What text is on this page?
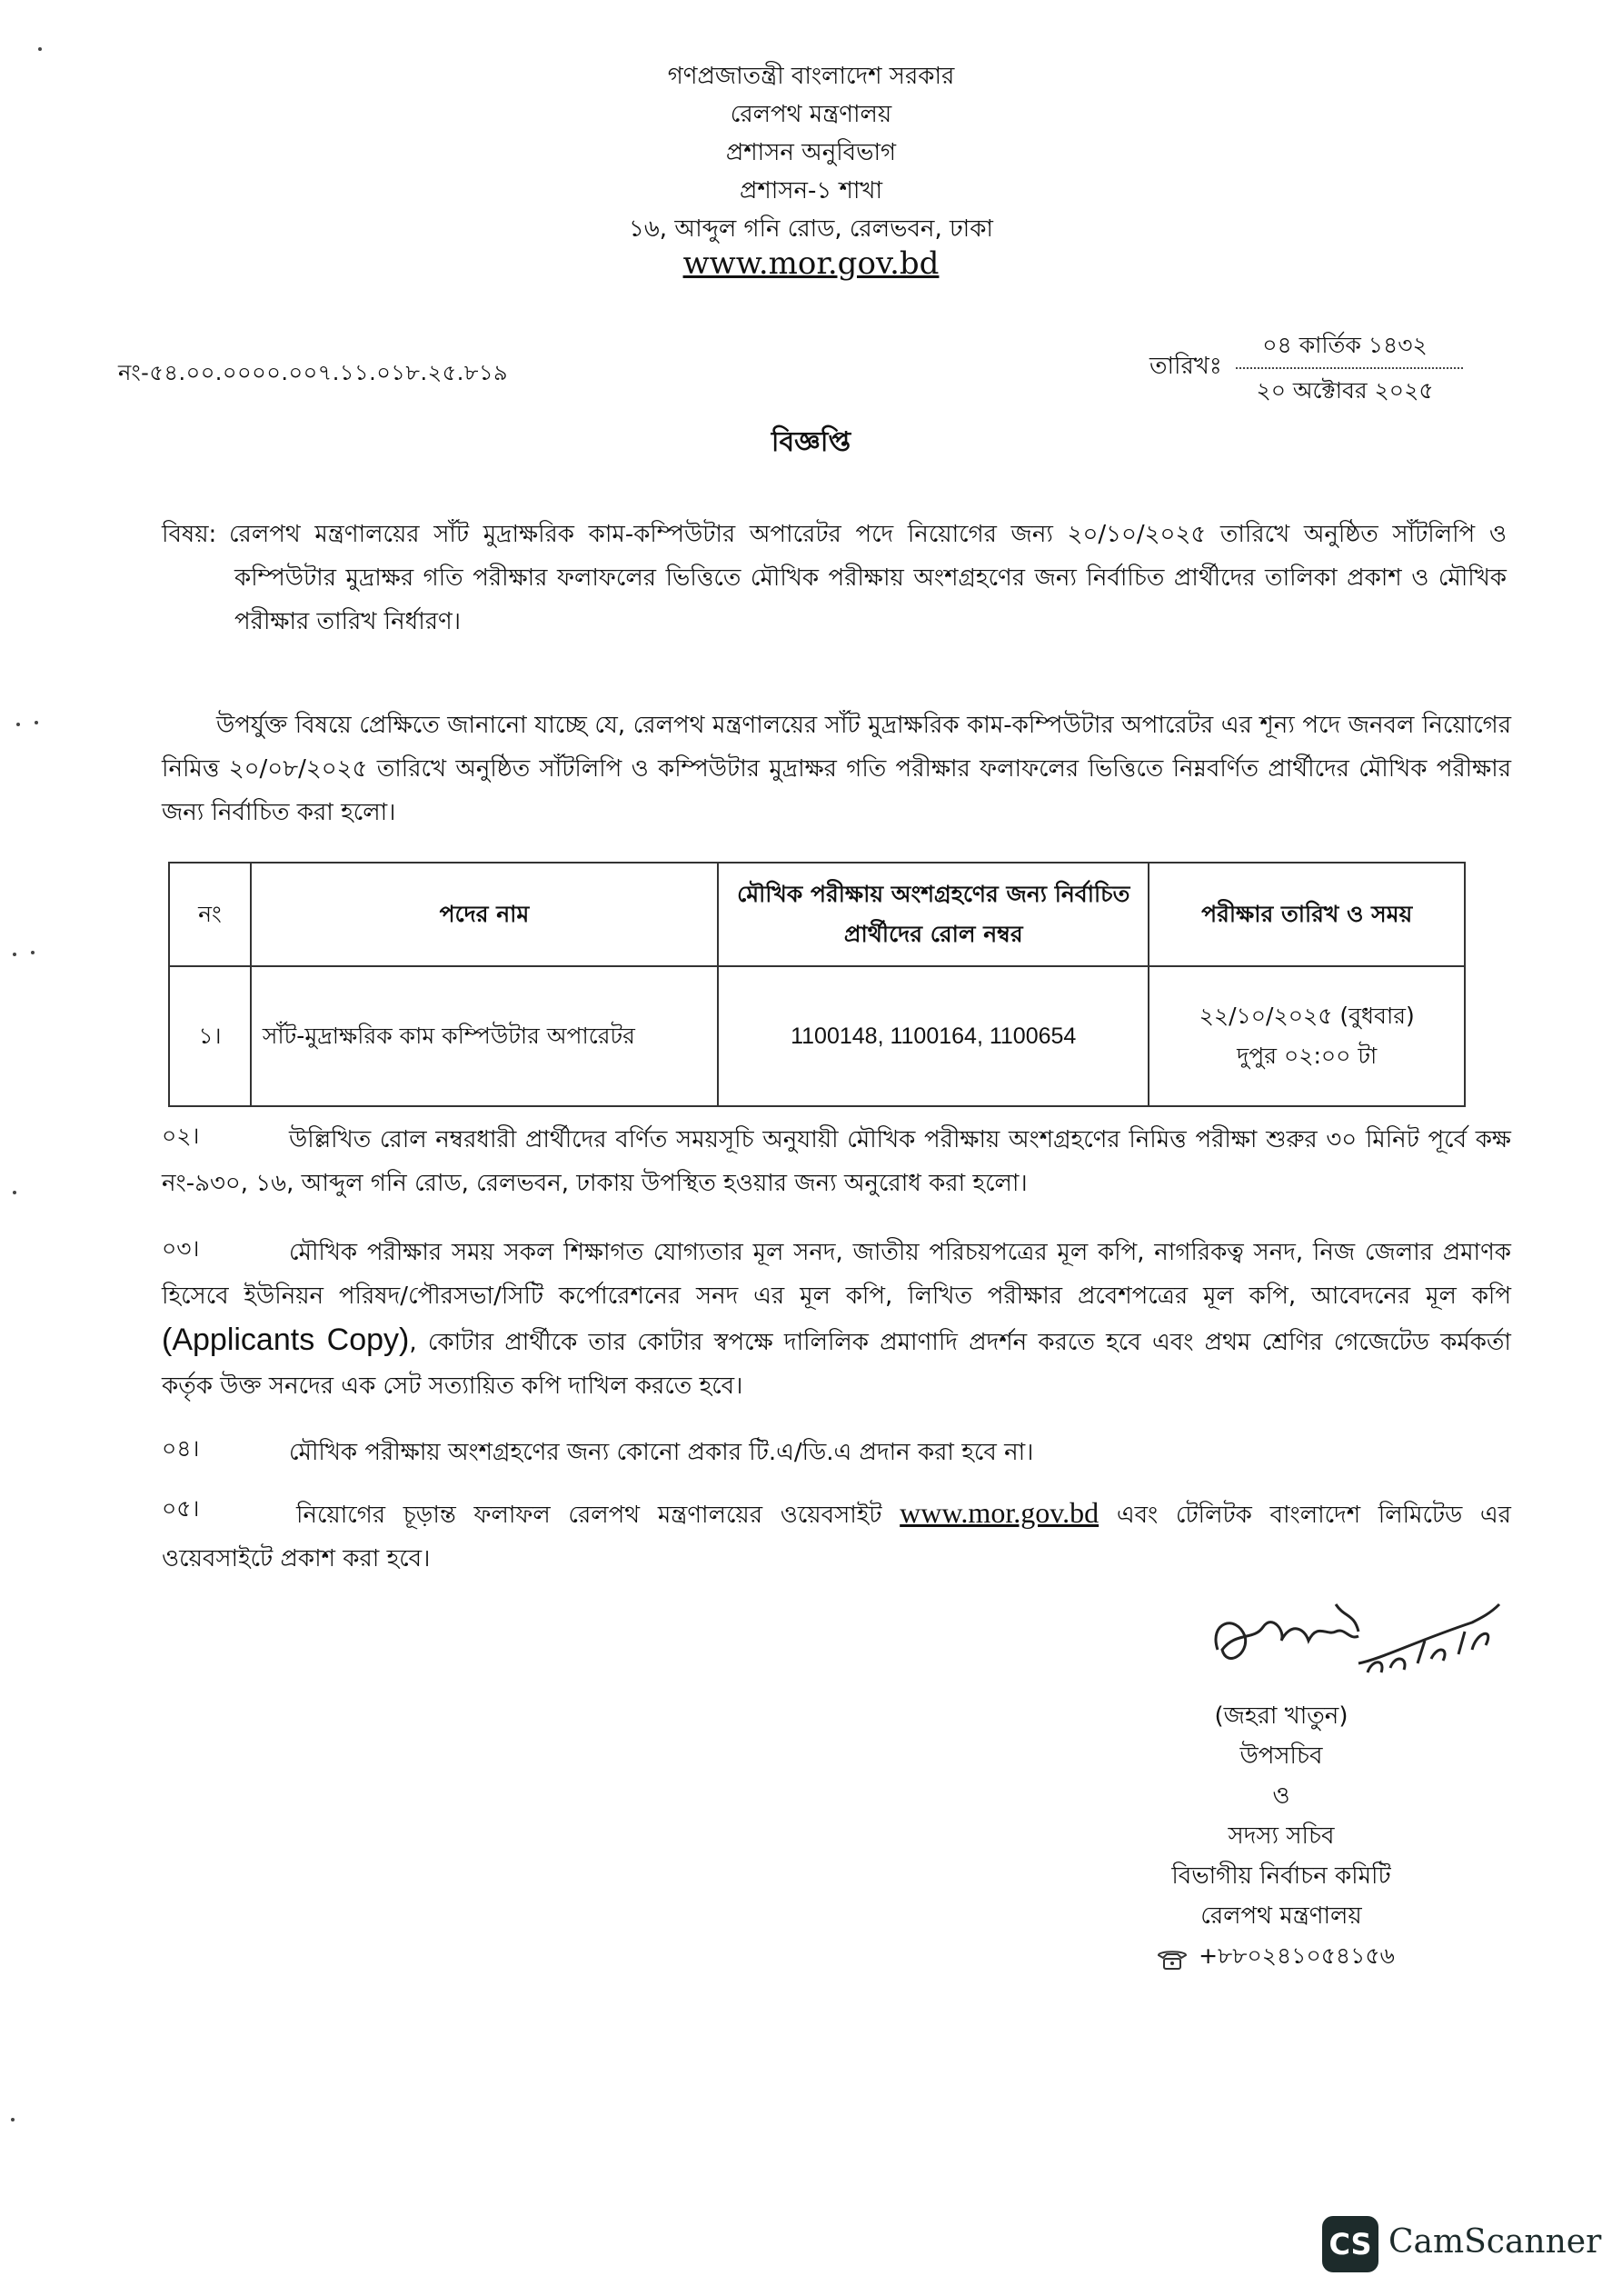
গণপ্রজাতন্ত্রী বাংলাদেশ সরকার
রেলপথ মন্ত্রণালয়
প্রশাসন অনুবিভাগ
প্রশাসন-১ শাখা
১৬, আব্দুল গনি রোড, রেলভবন, ঢাকা
www.mor.gov.bd
নং-৫৪.০০.০০০০.০০৭.১১.০১৮.২৫.৮১৯	তারিখঃ
০৪ কার্তিক ১৪৩২
২০ অক্টোবর ২০২৫
বিজ্ঞপ্তি
বিষয়: রেলপথ মন্ত্রণালয়ের সাঁট মুদ্রাক্ষরিক কাম-কম্পিউটার অপারেটর পদে নিয়োগের জন্য ২০/১০/২০২৫ তারিখে অনুষ্ঠিত সাঁটলিপি ও কম্পিউটার মুদ্রাক্ষর গতি পরীক্ষার ফলাফলের ভিত্তিতে মৌখিক পরীক্ষায় অংশগ্রহণের জন্য নির্বাচিত প্রার্থীদের তালিকা প্রকাশ ও মৌখিক পরীক্ষার তারিখ নির্ধারণ।
উপর্যুক্ত বিষয়ে প্রেক্ষিতে জানানো যাচ্ছে যে, রেলপথ মন্ত্রণালয়ের সাঁট মুদ্রাক্ষরিক কাম-কম্পিউটার অপারেটর এর শূন্য পদে জনবল নিয়োগের নিমিত্ত ২০/০৮/২০২৫ তারিখে অনুষ্ঠিত সাঁটলিপি ও কম্পিউটার মুদ্রাক্ষর গতি পরীক্ষার ফলাফলের ভিত্তিতে নিম্নবর্ণিত প্রার্থীদের মৌখিক পরীক্ষার জন্য নির্বাচিত করা হলো।
নং	পদের নাম	মৌখিক পরীক্ষায় অংশগ্রহণের জন্য নির্বাচিত প্রার্থীদের রোল নম্বর	পরীক্ষার তারিখ ও সময়
১।	সাঁট-মুদ্রাক্ষরিক কাম কম্পিউটার অপারেটর	1100148, 1100164, 1100654	২২/১০/২০২৫ (বুধবার)
দুপুর ০২:০০ টা
০২।	উল্লিখিত রোল নম্বরধারী প্রার্থীদের বর্ণিত সময়সূচি অনুযায়ী মৌখিক পরীক্ষায় অংশগ্রহণের নিমিত্ত পরীক্ষা শুরুর ৩০ মিনিট পূর্বে কক্ষ নং-৯৩০, ১৬, আব্দুল গনি রোড, রেলভবন, ঢাকায় উপস্থিত হওয়ার জন্য অনুরোধ করা হলো।
০৩।	মৌখিক পরীক্ষার সময় সকল শিক্ষাগত যোগ্যতার মূল সনদ, জাতীয় পরিচয়পত্রের মূল কপি, নাগরিকত্ব সনদ, নিজ জেলার প্রমাণক হিসেবে ইউনিয়ন পরিষদ/পৌরসভা/সিটি কর্পোরেশনের সনদ এর মূল কপি, লিখিত পরীক্ষার প্রবেশপত্রের মূল কপি, আবেদনের মূল কপি (Applicants Copy), কোটার প্রার্থীকে তার কোটার স্বপক্ষে দালিলিক প্রমাণাদি প্রদর্শন করতে হবে এবং প্রথম শ্রেণির গেজেটেড কর্মকর্তা কর্তৃক উক্ত সনদের এক সেট সত্যায়িত কপি দাখিল করতে হবে।
০৪।	মৌখিক পরীক্ষায় অংশগ্রহণের জন্য কোনো প্রকার টি.এ/ডি.এ প্রদান করা হবে না।
০৫।	নিয়োগের চূড়ান্ত ফলাফল রেলপথ মন্ত্রণালয়ের ওয়েবসাইট www.mor.gov.bd এবং টেলিটক বাংলাদেশ লিমিটেড এর ওয়েবসাইটে প্রকাশ করা হবে।
(জহরা খাতুন)
উপসচিব
ও
সদস্য সচিব
বিভাগীয় নির্বাচন কমিটি
রেলপথ মন্ত্রণালয়
+৮৮০২৪১০৫৪১৫৬
CS CamScanner
